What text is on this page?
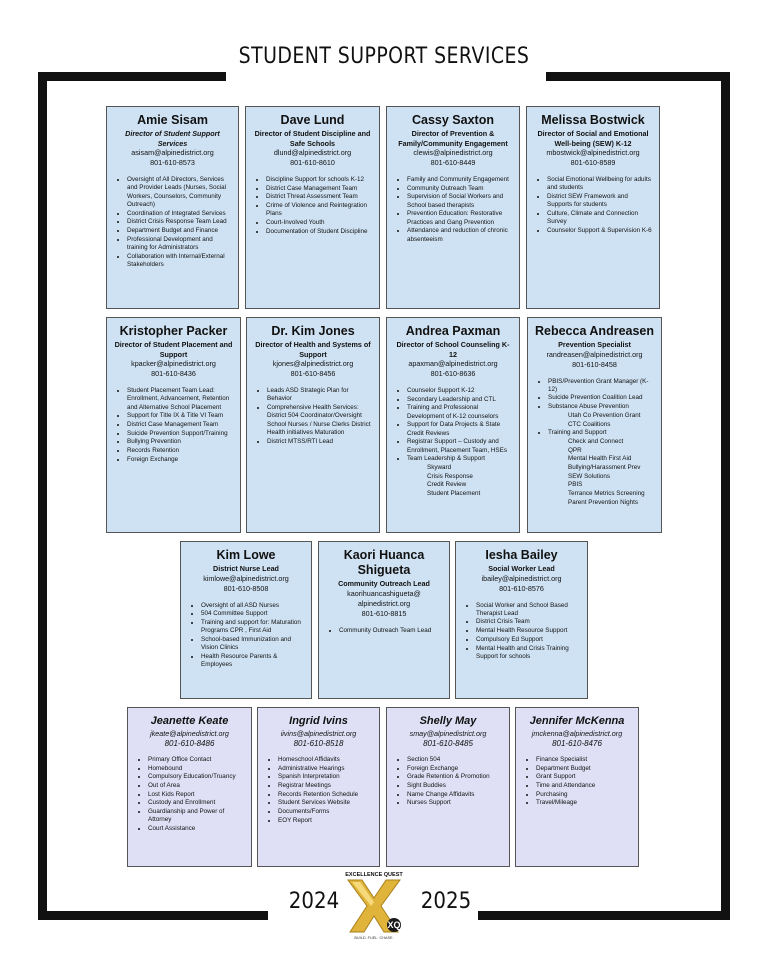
STUDENT SUPPORT SERVICES
Amie Sisam
Director of Student Support Services
asisam@alpinedistrict.org
801-610-8573
• Oversight of All Directors, Services and Provider Leads (Nurses, Social Workers, Counselors, Community Outreach)
• Coordination of Integrated Services
• District Crisis Response Team Lead
• Department Budget and Finance
• Professional Development and training for Administrators
• Collaboration with Internal/External Stakeholders
Dave Lund
Director of Student Discipline and Safe Schools
dlund@alpinedistrict.org
801-610-8610
• Discipline Support for schools K-12
• District Case Management Team
• District Threat Assessment Team
• Crime of Violence and Reintegration Plans
• Court-Involved Youth
• Documentation of Student Discipline
Cassy Saxton
Director of Prevention & Family/Community Engagement
clewis@alpinedistrict.org
801-610-8449
• Family and Community Engagement
• Community Outreach Team
• Supervision of Social Workers and School based therapists
• Prevention Education: Restorative Practices and Gang Prevention
• Attendance and reduction of chronic absenteeism
Melissa Bostwick
Director of Social and Emotional Well-being (SEW) K-12
mbostwick@alpinedistrict.org
801-610-8589
• Social Emotional Wellbeing for adults and students
• District SEW Framework and Supports for students
• Culture, Climate and Connection Survey
• Counselor Support & Supervision K-6
Kristopher Packer
Director of Student Placement and Support
kpacker@alpinedistrict.org
801-610-8436
• Student Placement Team Lead: Enrollment, Advancement, Retention and Alternative School Placement
• Support for Title IX & Title VI Team
• District Case Management Team
• Suicide Prevention Support/Training
• Bullying Prevention
• Records Retention
• Foreign Exchange
Dr. Kim Jones
Director of Health and Systems of Support
kjones@alpinedistrict.org
801-610-8456
• Leads ASD Strategic Plan for Behavior
• Comprehensive Health Services: District 504 Coordinator/Oversight School Nurses / Nurse Clerks District Health initiatives Maturation
• District MTSS/RTI Lead
Andrea Paxman
Director of School Counseling K-12
apaxman@alpinedistrict.org
801-610-8636
• Counselor Support K-12
• Secondary Leadership and CTL
• Training and Professional Development of K-12 counselors
• Support for Data Projects & State Credit Reviews
• Registrar Support – Custody and Enrollment, Placement Team, HSEs
• Team Leadership & Support
Skyward
Crisis Response
Credit Review
Student Placement
Rebecca Andreasen
Prevention Specialist
randreasen@alpinedistrict.org
801-610-8458
• PBIS/Prevention Grant Manager (K-12)
• Suicide Prevention Coalition Lead
• Substance Abuse Prevention
Utah Co Prevention Grant
CTC Coalitions
• Training and Support
Check and Connect
QPR
Mental Health First Aid
Bullying/Harassment Prev
SEW Solutions
PBIS
Terrance Metrics Screening
Parent Prevention Nights
Kim Lowe
District Nurse Lead
kimlowe@alpinedistrict.org
801-610-8508
• Oversight of all ASD Nurses
• 504 Committee Support
• Training and support for: Maturation Programs CPR , First Aid
• School-based Immunization and Vision Clinics
• Health Resource Parents & Employees
Kaori Huanca Shigueta
Community Outreach Lead
kaorihuancashigueta@ alpinedistrict.org
801-610-8815
• Community Outreach Team Lead
Iesha Bailey
Social Worker Lead
ibailey@alpinedistrict.org
801-610-8576
• Social Worker and School Based Therapist Lead
• District Crisis Team
• Mental Health Resource Support
• Compulsory Ed Support
• Mental Health and Crisis Training Support for schools
Jeanette Keate
jkeate@alpinedistrict.org
801-610-8486
• Primary Office Contact
• Homebound
• Compulsory Education/Truancy
• Out of Area
• Lost Kids Report
• Custody and Enrollment
• Guardianship and Power of Attorney
• Court Assistance
Ingrid Ivins
iivins@alpinedistrict.org
801-610-8518
• Homeschool Affidavits
• Administrative Hearings
• Spanish Interpretation
• Registrar Meetings
• Records Retention Schedule
• Student Services Website
• Documents/Forms
• EOY Report
Shelly May
smay@alpinedistrict.org
801-610-8485
• Section 504
• Foreign Exchange
• Grade Retention & Promotion
• Sight Buddies
• Name Change Affidavits
• Nurses Support
Jennifer McKenna
jmckenna@alpinedistrict.org
801-610-8476
• Finance Specialist
• Department Budget
• Grant Support
• Time and Attendance
• Purchasing
• Travel/Mileage
2024	2025
EXCELLENCE QUEST
XQ
BUILD. FUEL. CHASE.
